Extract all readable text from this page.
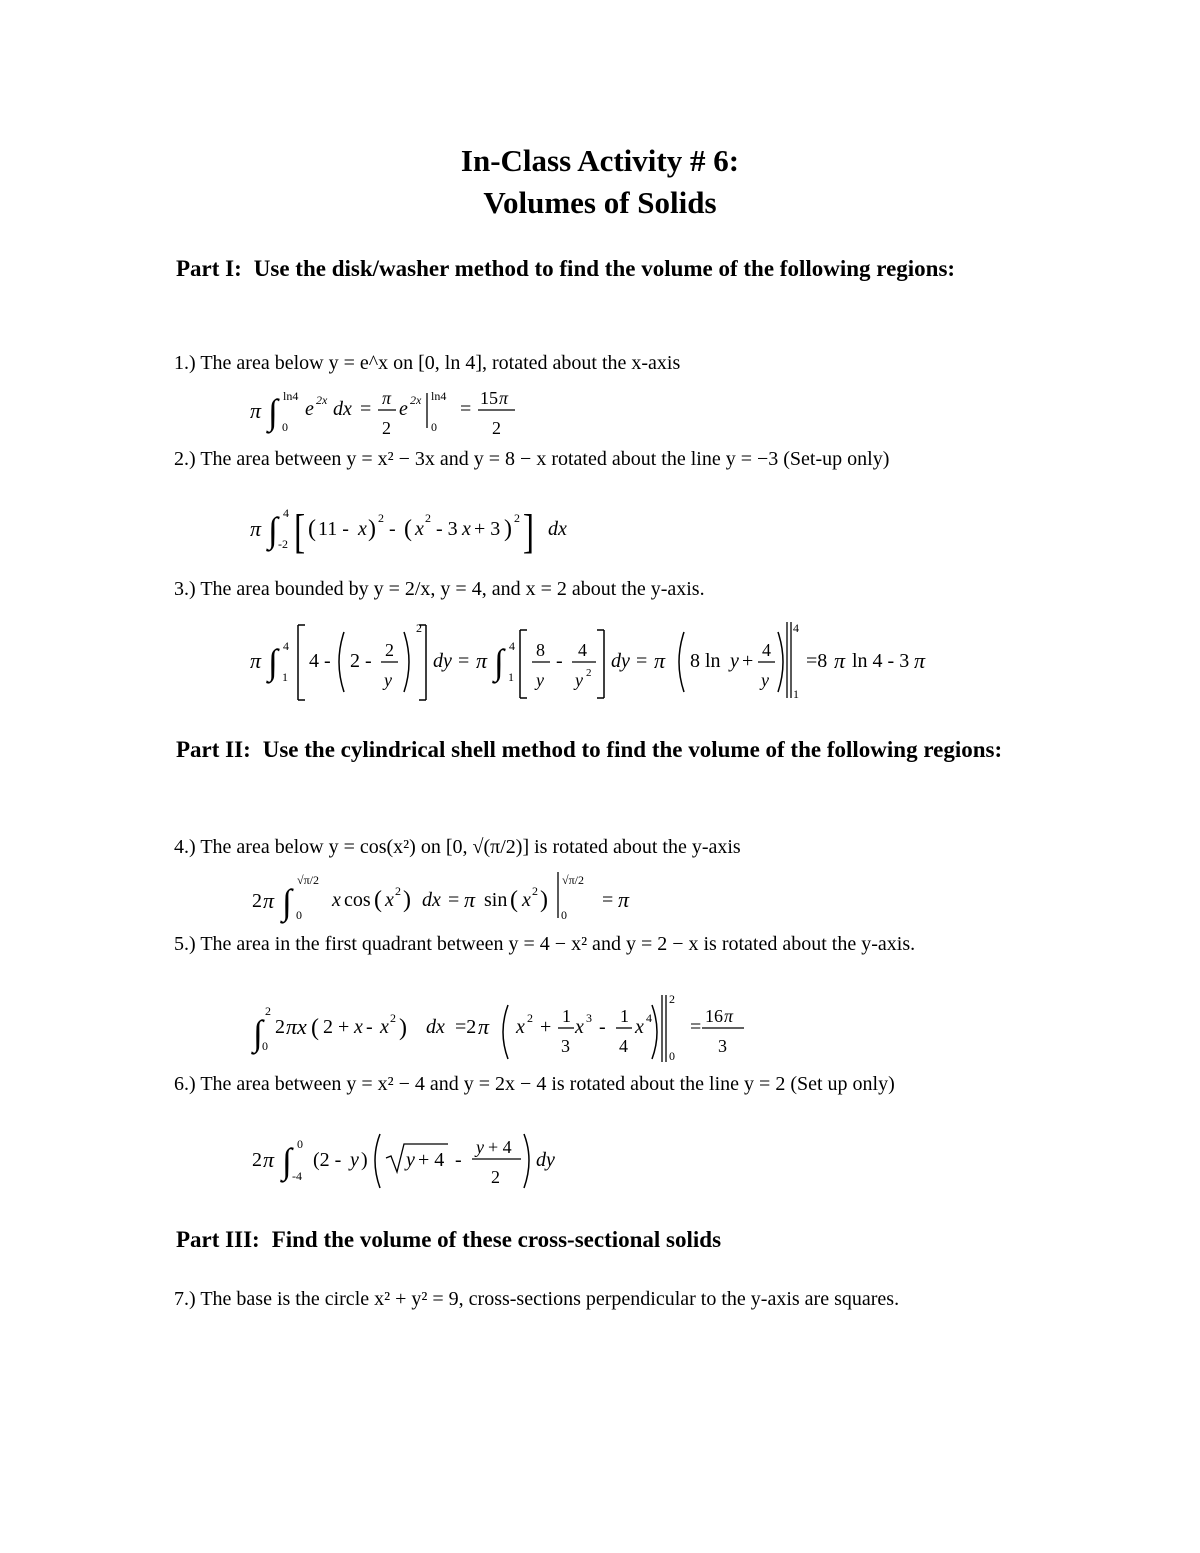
In-Class Activity # 6:
Volumes of Solids
Part I: Use the disk/washer method to find the volume of the following regions:
1.) The area below y = e^x on [0, ln 4], rotated about the x-axis
2.) The area between y = x² − 3x and y = 8 − x rotated about the line y = −3 (Set-up only)
3.) The area bounded by y = 2/x, y = 4, and x = 2 about the y-axis.
Part II: Use the cylindrical shell method to find the volume of the following regions:
4.) The area below y = cos(x²) on [0, √(π/2)] is rotated about the y-axis
5.) The area in the first quadrant between y = 4 − x² and y = 2 − x is rotated about the y-axis.
6.) The area between y = x² − 4 and y = 2x − 4 is rotated about the line y = 2 (Set up only)
Part III: Find the volume of these cross-sectional solids
7.) The base is the circle x² + y² = 9, cross-sections perpendicular to the y-axis are squares.
π ∫ ln4
0
e 2x dx = π
2
e 2x ln4
0
= 15 π
2
π ∫ 4
-2 [ ( 11 - x ) 2 - ( x 2 - 3 x + 3 ) 2 ] dx
π ∫ 4
1
4 - 2 - 2
y
2
dy = π ∫ 4
1
8
y
- 4
y 2
dy = π 8 ln y + 4
y
4
1
=8 π ln 4 - 3 π
2 π ∫
√π/2
0
x cos ( x 2 ) dx = π sin ( x 2 )
√π/2
0
= π
∫
2
0
2 πx ( 2 + x - x 2 ) dx =2 π x 2 + 1
3
x 3 - 1
4
x 4
2
0
= 16 π
3
2 π ∫ 0
-4
(2 - y ) y + 4 -
y + 4
2
dy
